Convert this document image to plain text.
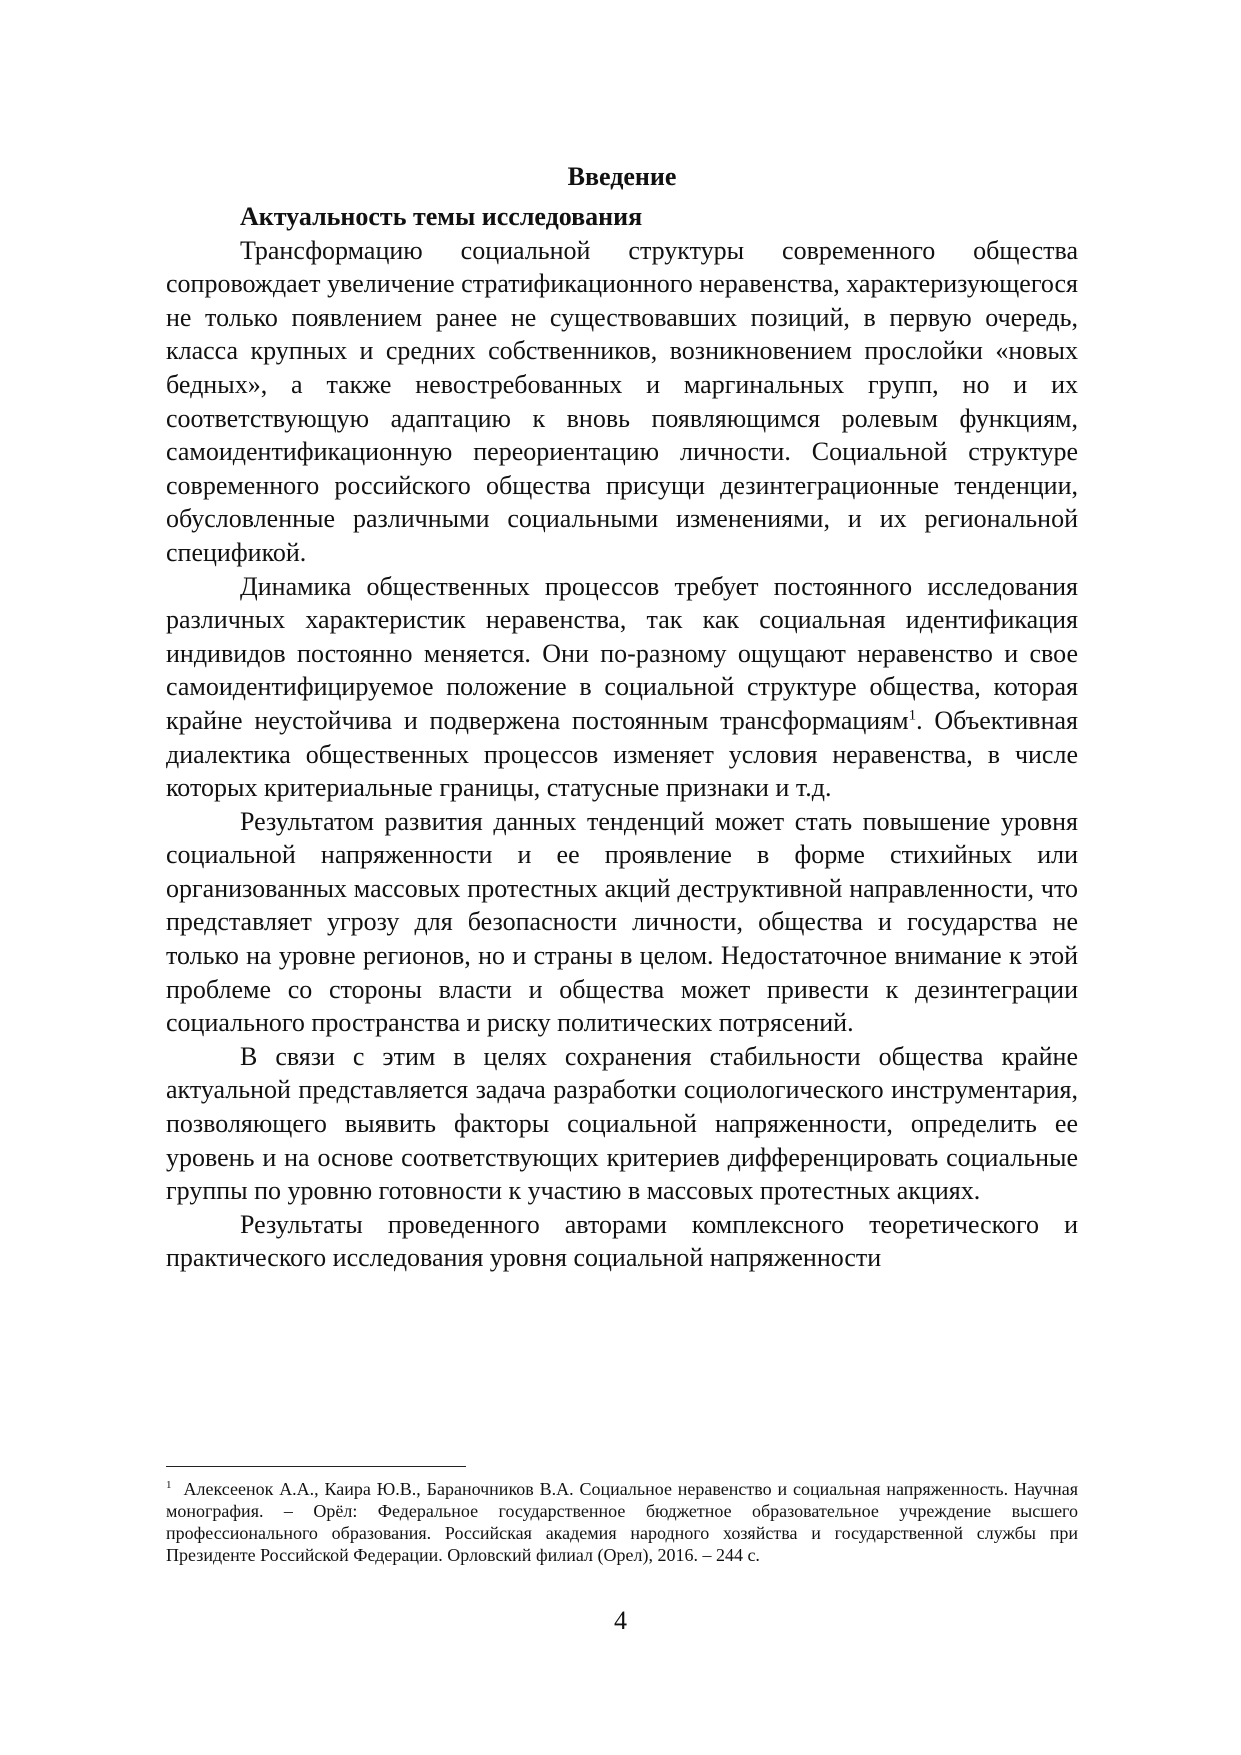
Введение
Актуальность темы исследования

Трансформацию социальной структуры современного общества сопровождает увеличение стратификационного неравенства, характеризующегося не только появлением ранее не существовавших позиций, в первую очередь, класса крупных и средних собственников, возникновением прослойки «новых бедных», а также невостребованных и маргинальных групп, но и их соответствующую адаптацию к вновь появляющимся ролевым функциям, самоидентификационную переориентацию личности. Социальной структуре современного российского общества присущи дезинтеграционные тенденции, обусловленные различными социальными изменениями, и их региональной спецификой.

Динамика общественных процессов требует постоянного исследования различных характеристик неравенства, так как социальная идентификация индивидов постоянно меняется. Они по-разному ощущают неравенство и свое самоидентифицируемое положение в социальной структуре общества, которая крайне неустойчива и подвержена постоянным трансформациям$^1$. Объективная диалектика общественных процессов изменяет условия неравенства, в числе которых критериальные границы, статусные признаки и т.д.

Результатом развития данных тенденций может стать повышение уровня социальной напряженности и ее проявление в форме стихийных или организованных массовых протестных акций деструктивной направленности, что представляет угрозу для безопасности личности, общества и государства не только на уровне регионов, но и страны в целом. Недостаточное внимание к этой проблеме со стороны власти и общества может привести к дезинтеграции социального пространства и риску политических потрясений.

В связи с этим в целях сохранения стабильности общества крайне актуальной представляется задача разработки социологического инструментария, позволяющего выявить факторы социальной напряженности, определить ее уровень и на основе соответствующих критериев дифференцировать социальные группы по уровню готовности к участию в массовых протестных акциях.

Результаты проведенного авторами комплексного теоретического и практического исследования уровня социальной напряженности

$^1$ Алексеенок А.А., Каира Ю.В., Бараночников В.А. Социальное неравенство и социальная напряженность. Научная монография. – Орёл: Федеральное государственное бюджетное образовательное учреждение высшего профессионального образования. Российская академия народного хозяйства и государственной службы при Президенте Российской Федерации. Орловский филиал (Орел), 2016. – 244 с.

4
